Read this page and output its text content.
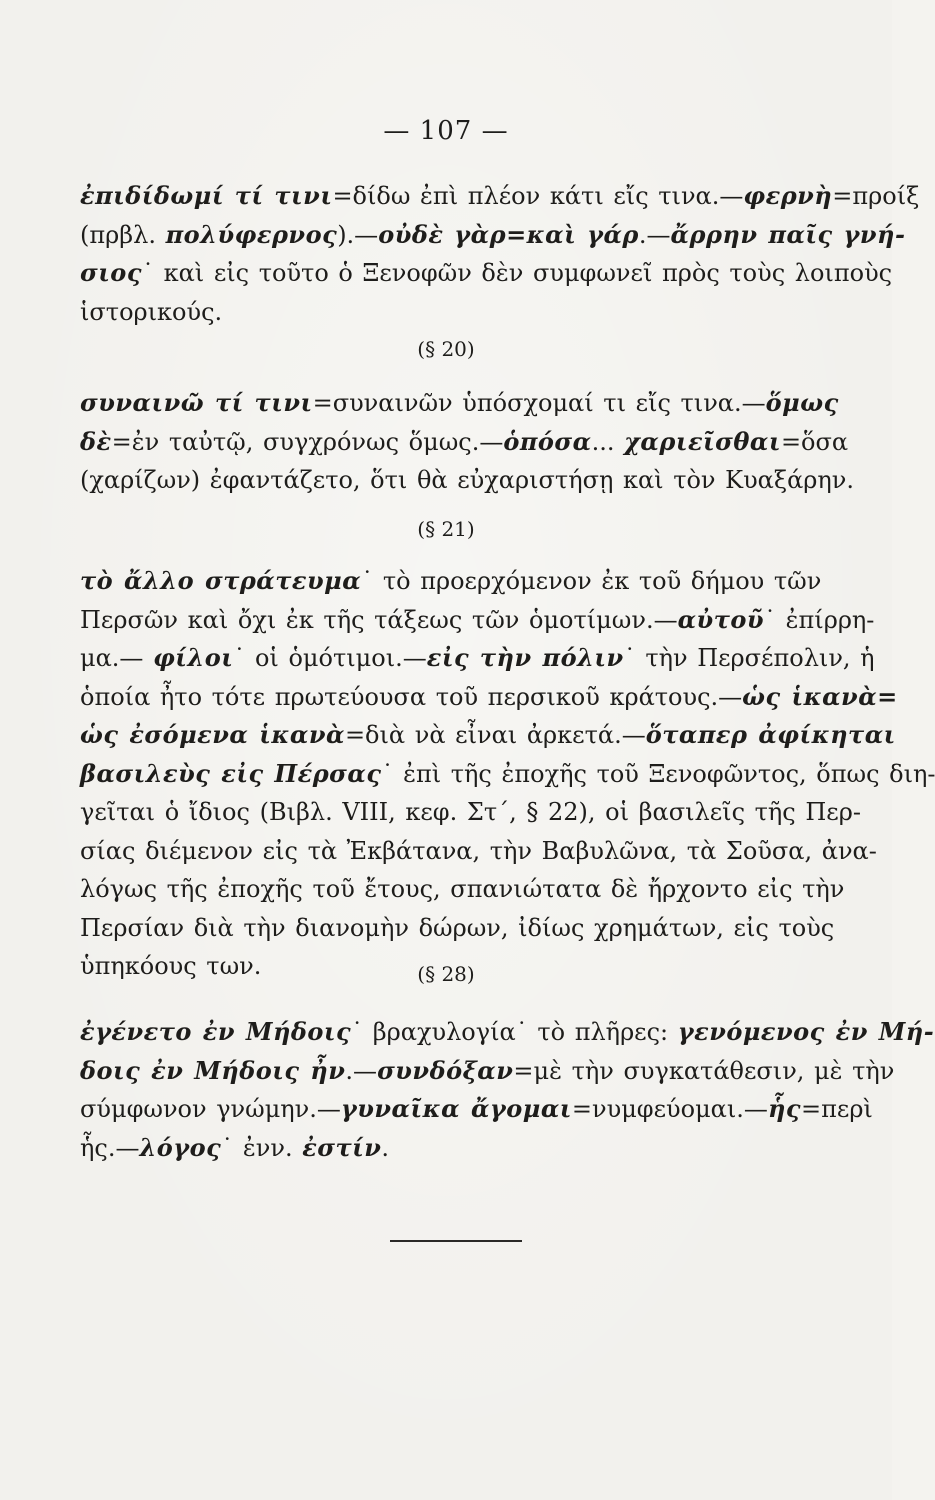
— 107 —
ἐπιδίδωμί τί τινι=δίδω ἐπὶ πλέον κάτι εἴς τινα.—φερνὴ=προίξ
(πρβλ. πολύφερνος).—οὐδὲ γὰρ=καὶ γάρ.—ἄρρην παῖς γνή-
σιος˙ καὶ εἰς τοῦτο ὁ Ξενοφῶν δὲν συμφωνεῖ πρὸς τοὺς λοιποὺς
ἱστορικούς.
(§ 20)
συναινῶ τί τινι=συναινῶν ὑπόσχομαί τι εἴς τινα.—ὅμως
δὲ=ἐν ταὐτῷ, συγχρόνως ὅμως.—ὁπόσα... χαριεῖσθαι=ὅσα
(χαρίζων) ἐφαντάζετο, ὅτι θὰ εὐχαριστήσῃ καὶ τὸν Κυαξάρην.
(§ 21)
τὸ ἄλλο στράτευμα˙ τὸ προερχόμενον ἐκ τοῦ δήμου τῶν
Περσῶν καὶ ὄχι ἐκ τῆς τάξεως τῶν ὁμοτίμων.—αὐτοῦ˙ ἐπίρρη-
μα.— φίλοι˙ οἱ ὁμότιμοι.—εἰς τὴν πόλιν˙ τὴν Περσέπολιν, ἡ
ὁποία ἦτο τότε πρωτεύουσα τοῦ περσικοῦ κράτους.—ὡς ἱκανὰ=
ὡς ἐσόμενα ἱκανὰ=διὰ νὰ εἶναι ἀρκετά.—ὅταπερ ἀφίκηται
βασιλεὺς εἰς Πέρσας˙ ἐπὶ τῆς ἐποχῆς τοῦ Ξενοφῶντος, ὅπως διη-
γεῖται ὁ ἴδιος (Βιβλ. VIII, κεφ. Στ΄, § 22), οἱ βασιλεῖς τῆς Περ-
σίας διέμενον εἰς τὰ Ἐκβάτανα, τὴν Βαβυλῶνα, τὰ Σοῦσα, ἀνα-
λόγως τῆς ἐποχῆς τοῦ ἔτους, σπανιώτατα δὲ ἤρχοντο εἰς τὴν
Περσίαν διὰ τὴν διανομὴν δώρων, ἰδίως χρημάτων, εἰς τοὺς
ὑπηκόους των.	(§ 28)
ἐγένετο ἐν Μήδοις˙ βραχυλογία˙ τὸ πλῆρες: γενόμενος ἐν Μή-
δοις ἐν Μήδοις ἦν.—συνδόξαν=μὲ τὴν συγκατάθεσιν, μὲ τὴν
σύμφωνον γνώμην.—γυναῖκα ἄγομαι=νυμφεύομαι.—ἧς=περὶ
ἧς.—λόγος˙ ἐνν. ἐστίν.
